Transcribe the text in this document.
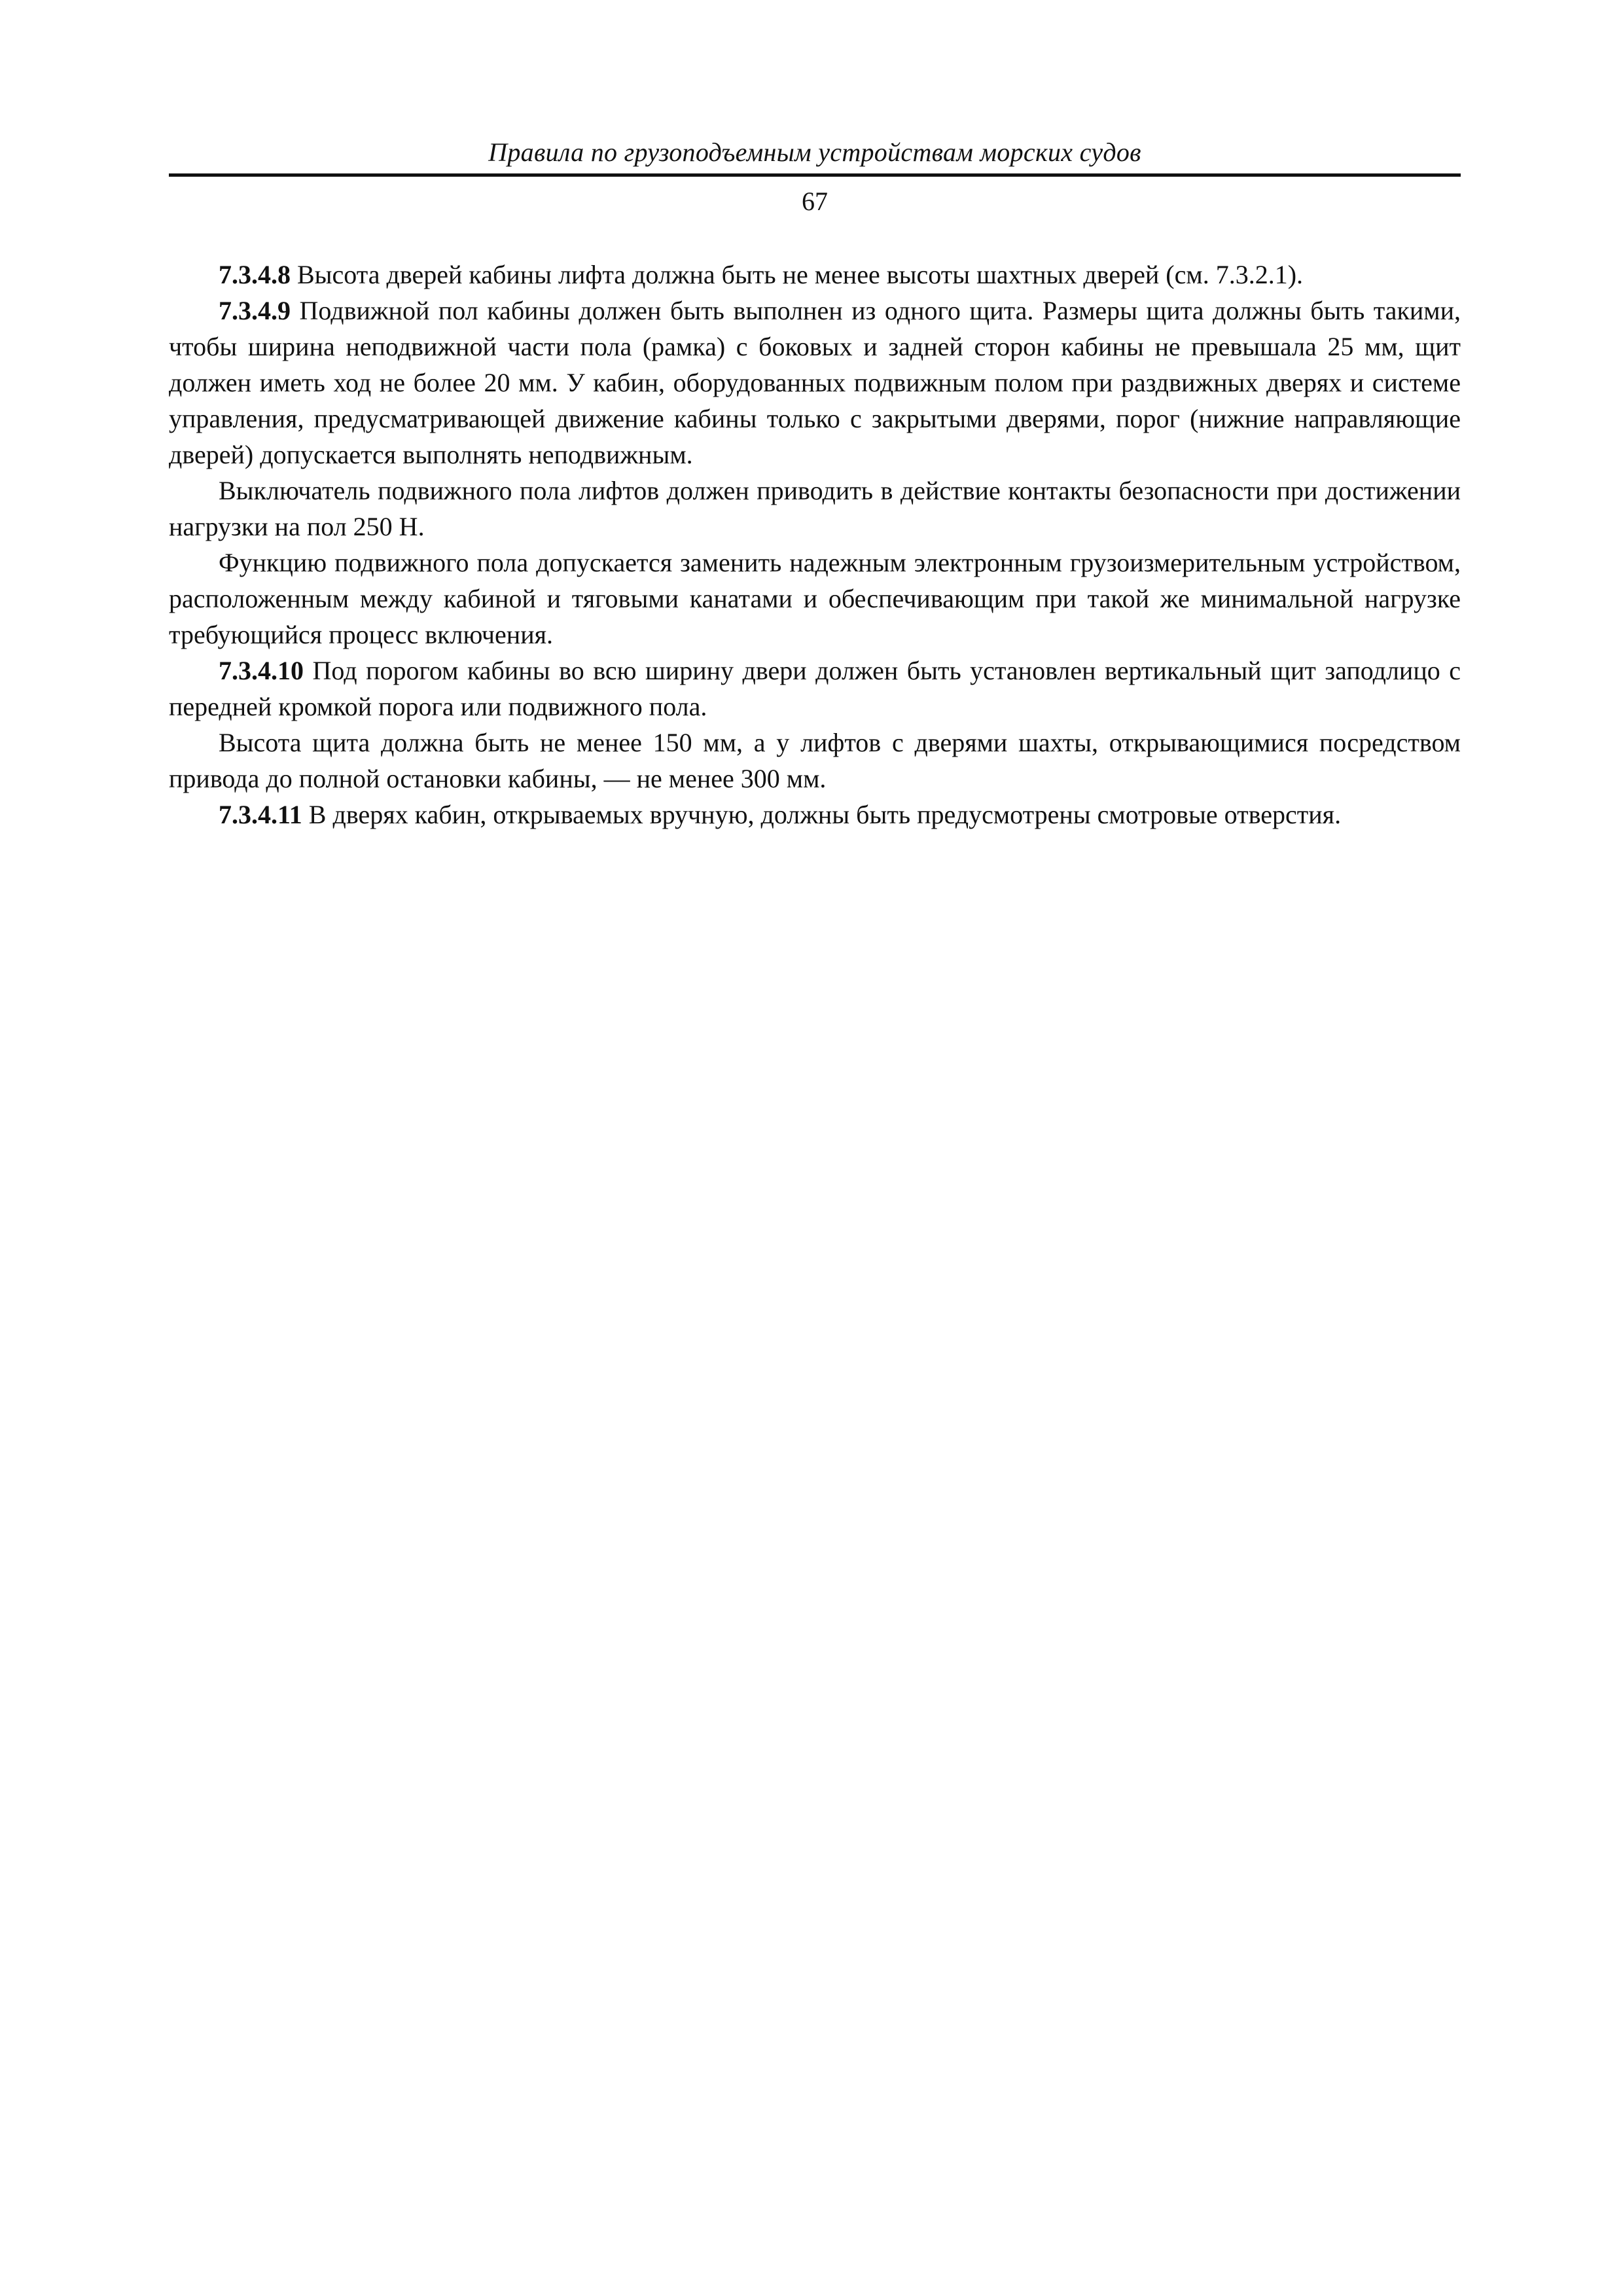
Правила по грузоподъемным устройствам морских судов
67

7.3.4.8 Высота дверей кабины лифта должна быть не менее высоты шахтных дверей (см. 7.3.2.1).

7.3.4.9 Подвижной пол кабины должен быть выполнен из одного щита. Размеры щита должны быть такими, чтобы ширина неподвижной части пола (рамка) с боковых и задней сторон кабины не превышала 25 мм, щит должен иметь ход не более 20 мм. У кабин, оборудованных подвижным полом при раздвижных дверях и системе управления, предусматривающей движение кабины только с закрытыми дверями, порог (нижние направляющие дверей) допускается выполнять неподвижным.

Выключатель подвижного пола лифтов должен приводить в действие контакты безопасности при достижении нагрузки на пол 250 Н.

Функцию подвижного пола допускается заменить надежным электронным грузоизмерительным устройством, расположенным между кабиной и тяговыми канатами и обеспечивающим при такой же минимальной нагрузке требующийся процесс включения.

7.3.4.10 Под порогом кабины во всю ширину двери должен быть установлен вертикальный щит заподлицо с передней кромкой порога или подвижного пола.

Высота щита должна быть не менее 150 мм, а у лифтов с дверями шахты, открывающимися посредством привода до полной остановки кабины, — не менее 300 мм.

7.3.4.11 В дверях кабин, открываемых вручную, должны быть предусмотрены смотровые отверстия.
